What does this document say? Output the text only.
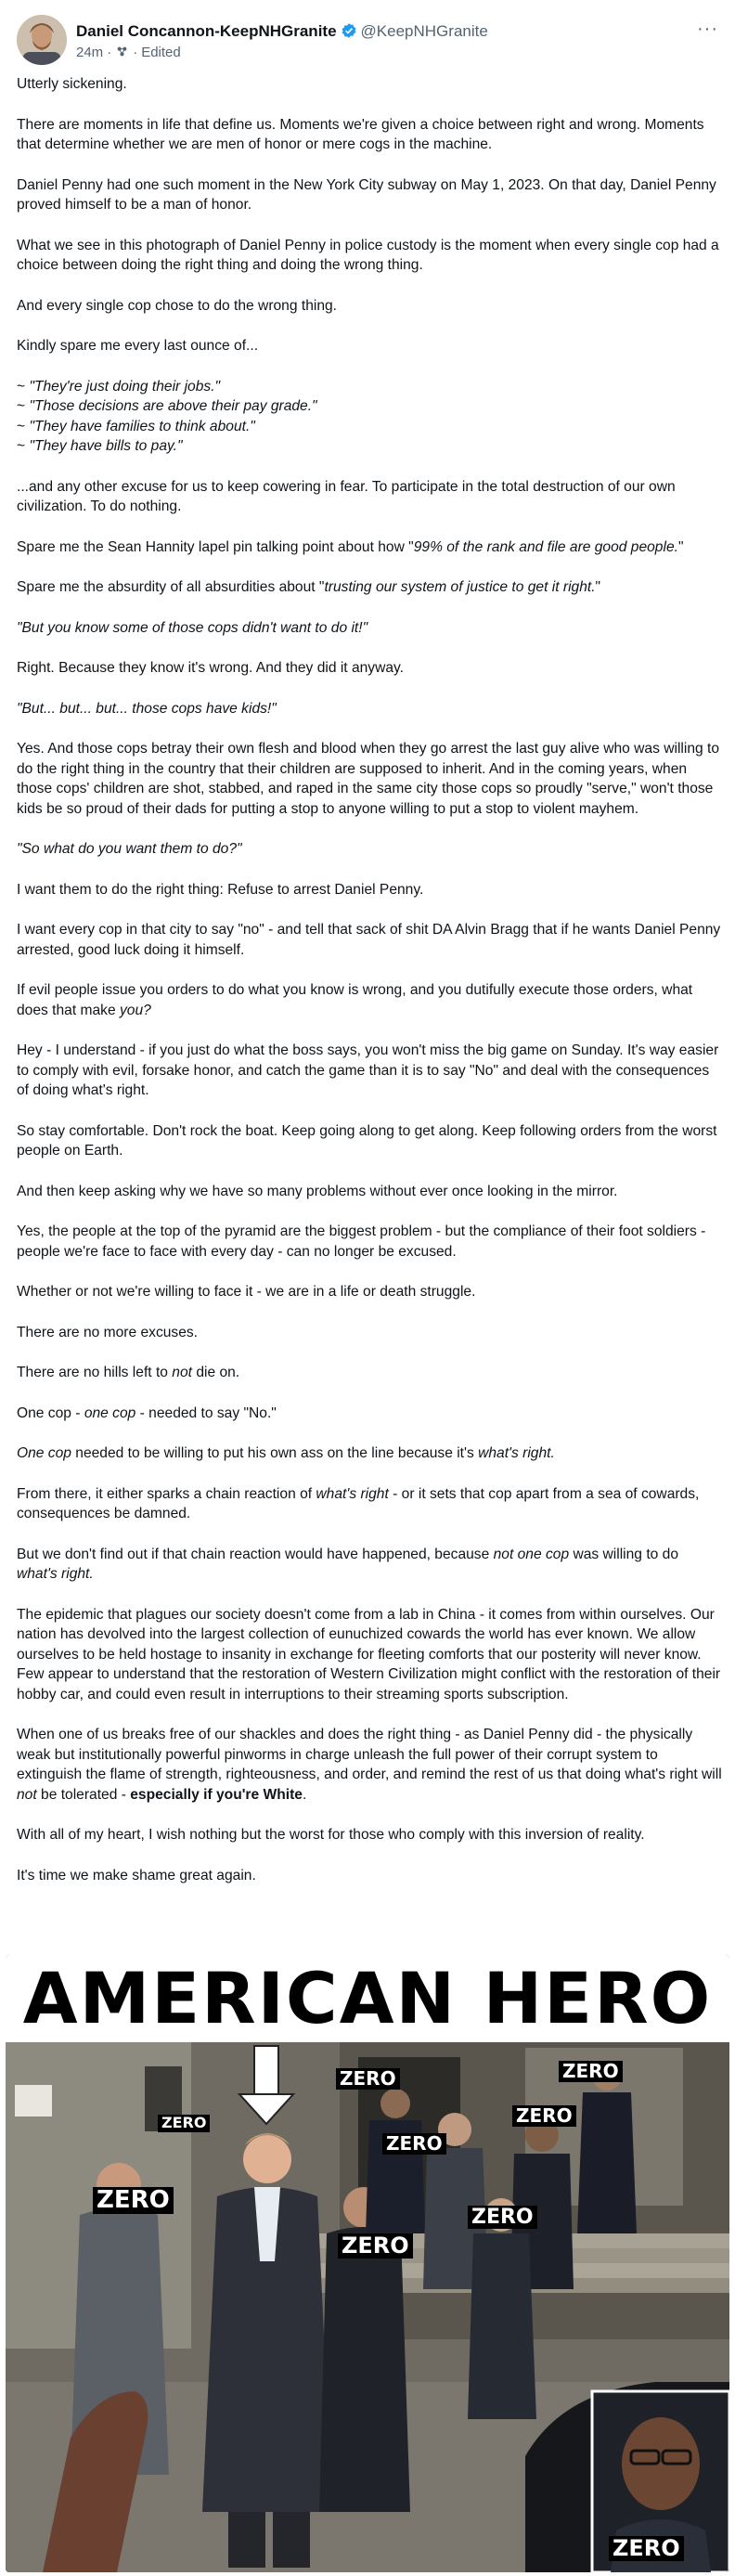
Daniel Concannon-KeepNHGranite @KeepNHGranite
24m · · Edited
···

Utterly sickening.

There are moments in life that define us. Moments we're given a choice between right and wrong. Moments that determine whether we are men of honor or mere cogs in the machine.

Daniel Penny had one such moment in the New York City subway on May 1, 2023. On that day, Daniel Penny proved himself to be a man of honor.

What we see in this photograph of Daniel Penny in police custody is the moment when every single cop had a choice between doing the right thing and doing the wrong thing.

And every single cop chose to do the wrong thing.

Kindly spare me every last ounce of...

~ "They're just doing their jobs."
~ "Those decisions are above their pay grade."
~ "They have families to think about."
~ "They have bills to pay."

...and any other excuse for us to keep cowering in fear. To participate in the total destruction of our own civilization. To do nothing.

Spare me the Sean Hannity lapel pin talking point about how "99% of the rank and file are good people."

Spare me the absurdity of all absurdities about "trusting our system of justice to get it right."

"But you know some of those cops didn't want to do it!"

Right. Because they know it's wrong. And they did it anyway.

"But... but... but... those cops have kids!"

Yes. And those cops betray their own flesh and blood when they go arrest the last guy alive who was willing to do the right thing in the country that their children are supposed to inherit. And in the coming years, when those cops' children are shot, stabbed, and raped in the same city those cops so proudly "serve," won't those kids be so proud of their dads for putting a stop to anyone willing to put a stop to violent mayhem.

"So what do you want them to do?"

I want them to do the right thing: Refuse to arrest Daniel Penny.

I want every cop in that city to say "no" - and tell that sack of shit DA Alvin Bragg that if he wants Daniel Penny arrested, good luck doing it himself.

If evil people issue you orders to do what you know is wrong, and you dutifully execute those orders, what does that make you?

Hey - I understand - if you just do what the boss says, you won't miss the big game on Sunday. It's way easier to comply with evil, forsake honor, and catch the game than it is to say "No" and deal with the consequences of doing what's right.

So stay comfortable. Don't rock the boat. Keep going along to get along. Keep following orders from the worst people on Earth.

And then keep asking why we have so many problems without ever once looking in the mirror.

Yes, the people at the top of the pyramid are the biggest problem - but the compliance of their foot soldiers - people we're face to face with every day - can no longer be excused.

Whether or not we're willing to face it - we are in a life or death struggle.

There are no more excuses.

There are no hills left to not die on.

One cop - one cop - needed to say "No."

One cop needed to be willing to put his own ass on the line because it's what's right.

From there, it either sparks a chain reaction of what's right - or it sets that cop apart from a sea of cowards, consequences be damned.

But we don't find out if that chain reaction would have happened, because not one cop was willing to do what's right.

The epidemic that plagues our society doesn't come from a lab in China - it comes from within ourselves. Our nation has devolved into the largest collection of eunuchized cowards the world has ever known. We allow ourselves to be held hostage to insanity in exchange for fleeting comforts that our posterity will never know. Few appear to understand that the restoration of Western Civilization might conflict with the restoration of their hobby car, and could even result in interruptions to their streaming sports subscription.

When one of us breaks free of our shackles and does the right thing - as Daniel Penny did - the physically weak but institutionally powerful pinworms in charge unleash the full power of their corrupt system to extinguish the flame of strength, righteousness, and order, and remind the rest of us that doing what's right will not be tolerated - especially if you're White.

With all of my heart, I wish nothing but the worst for those who comply with this inversion of reality.

It's time we make shame great again.

AMERICAN HERO
ZERO	ZERO
ZERO
ZERO
ZERO
ZERO
ZERO
ZERO
ZERO
